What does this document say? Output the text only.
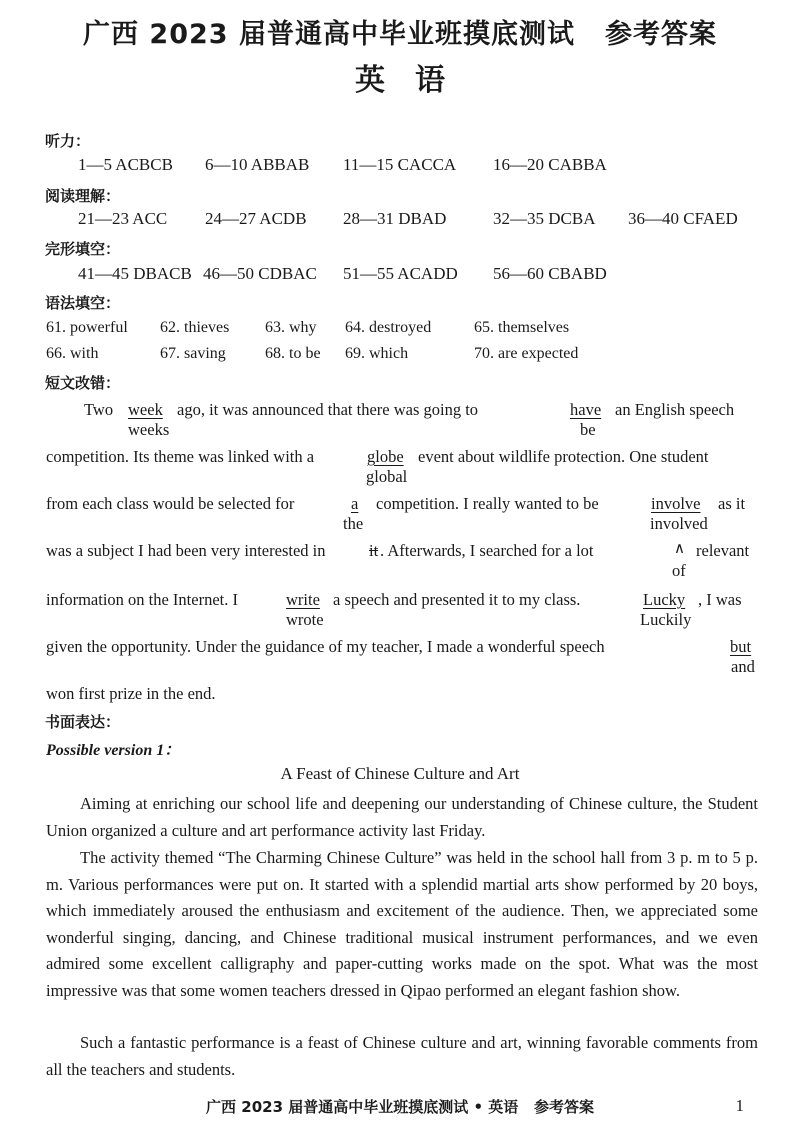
广西 2023 届普通高中毕业班摸底测试 参考答案
英语
听力：
1—5 ACBCB 6—10 ABBAB 11—15 CACCA 16—20 CABBA
阅读理解：
21—23 ACC 24—27 ACDB 28—31 DBAD	32—35 DCBA 36—40 CFAED
完形填空：
41—45 DBACB 46—50 CDBAC 51—55 ACADD 56—60 CBABD
语法填空：
61. powerful 62. thieves 63. why 64. destroyed	65. themselves
66. with	67. saving 68. to be 69. which	70. are expected
短文改错：
Two week ago, it was announced that there was going to	have an English speech
weeks	be
competition. Its theme was linked with a	globe event about wildlife protection. One student
global
from each class would be selected for	a competition. I really wanted to be	involve as it
the	involved
was a subject I had been very interested in	it . Afterwards, I searched for a lot	∧ relevant
of
information on the Internet. I	write a speech and presented it to my class.	Lucky , I was
wrote	Luckily
given the opportunity. Under the guidance of my teacher, I made a wonderful speech	but
and
won first prize in the end.
书面表达：
Possible version 1：
A Feast of Chinese Culture and Art
Aiming at enriching our school life and deepening our understanding of Chinese culture, the Student Union organized a culture and art performance activity last Friday.
The activity themed “The Charming Chinese Culture” was held in the school hall from 3 p. m to 5 p. m. Various performances were put on. It started with a splendid martial arts show performed by 20 boys, which immediately aroused the enthusiasm and excitement of the audience. Then, we appreciated some wonderful singing, dancing, and Chinese traditional musical instrument performances, and we even admired some excellent calligraphy and paper-cutting works made on the spot. What was the most impressive was that some women teachers dressed in Qipao performed an elegant fashion show.
Such a fantastic performance is a feast of Chinese culture and art, winning favorable comments from all the teachers and students.
广西 2023 届普通高中毕业班摸底测试 • 英语 参考答案	1
